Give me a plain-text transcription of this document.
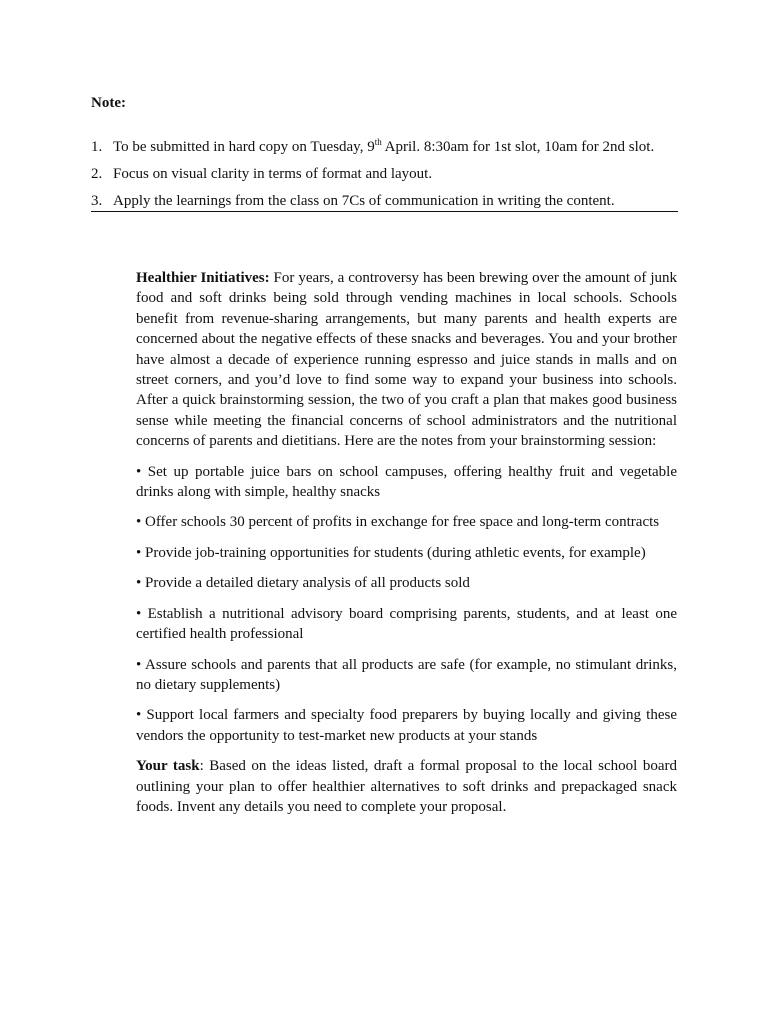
Note:
1. To be submitted in hard copy on Tuesday, 9th April. 8:30am for 1st slot, 10am for 2nd slot.
2. Focus on visual clarity in terms of format and layout.
3. Apply the learnings from the class on 7Cs of communication in writing the content.

Healthier Initiatives: For years, a controversy has been brewing over the amount of junk food and soft drinks being sold through vending machines in local schools. Schools benefit from revenue-sharing arrangements, but many parents and health experts are concerned about the negative effects of these snacks and beverages. You and your brother have almost a decade of experience running espresso and juice stands in malls and on street corners, and you’d love to find some way to expand your business into schools. After a quick brainstorming session, the two of you craft a plan that makes good business sense while meeting the financial concerns of school administrators and the nutritional concerns of parents and dietitians. Here are the notes from your brainstorming session:

• Set up portable juice bars on school campuses, offering healthy fruit and vegetable drinks along with simple, healthy snacks

• Offer schools 30 percent of profits in exchange for free space and long-term contracts

• Provide job-training opportunities for students (during athletic events, for example)

• Provide a detailed dietary analysis of all products sold

• Establish a nutritional advisory board comprising parents, students, and at least one certified health professional

• Assure schools and parents that all products are safe (for example, no stimulant drinks, no dietary supplements)

• Support local farmers and specialty food preparers by buying locally and giving these vendors the opportunity to test-market new products at your stands

Your task: Based on the ideas listed, draft a formal proposal to the local school board outlining your plan to offer healthier alternatives to soft drinks and prepackaged snack foods. Invent any details you need to complete your proposal.
